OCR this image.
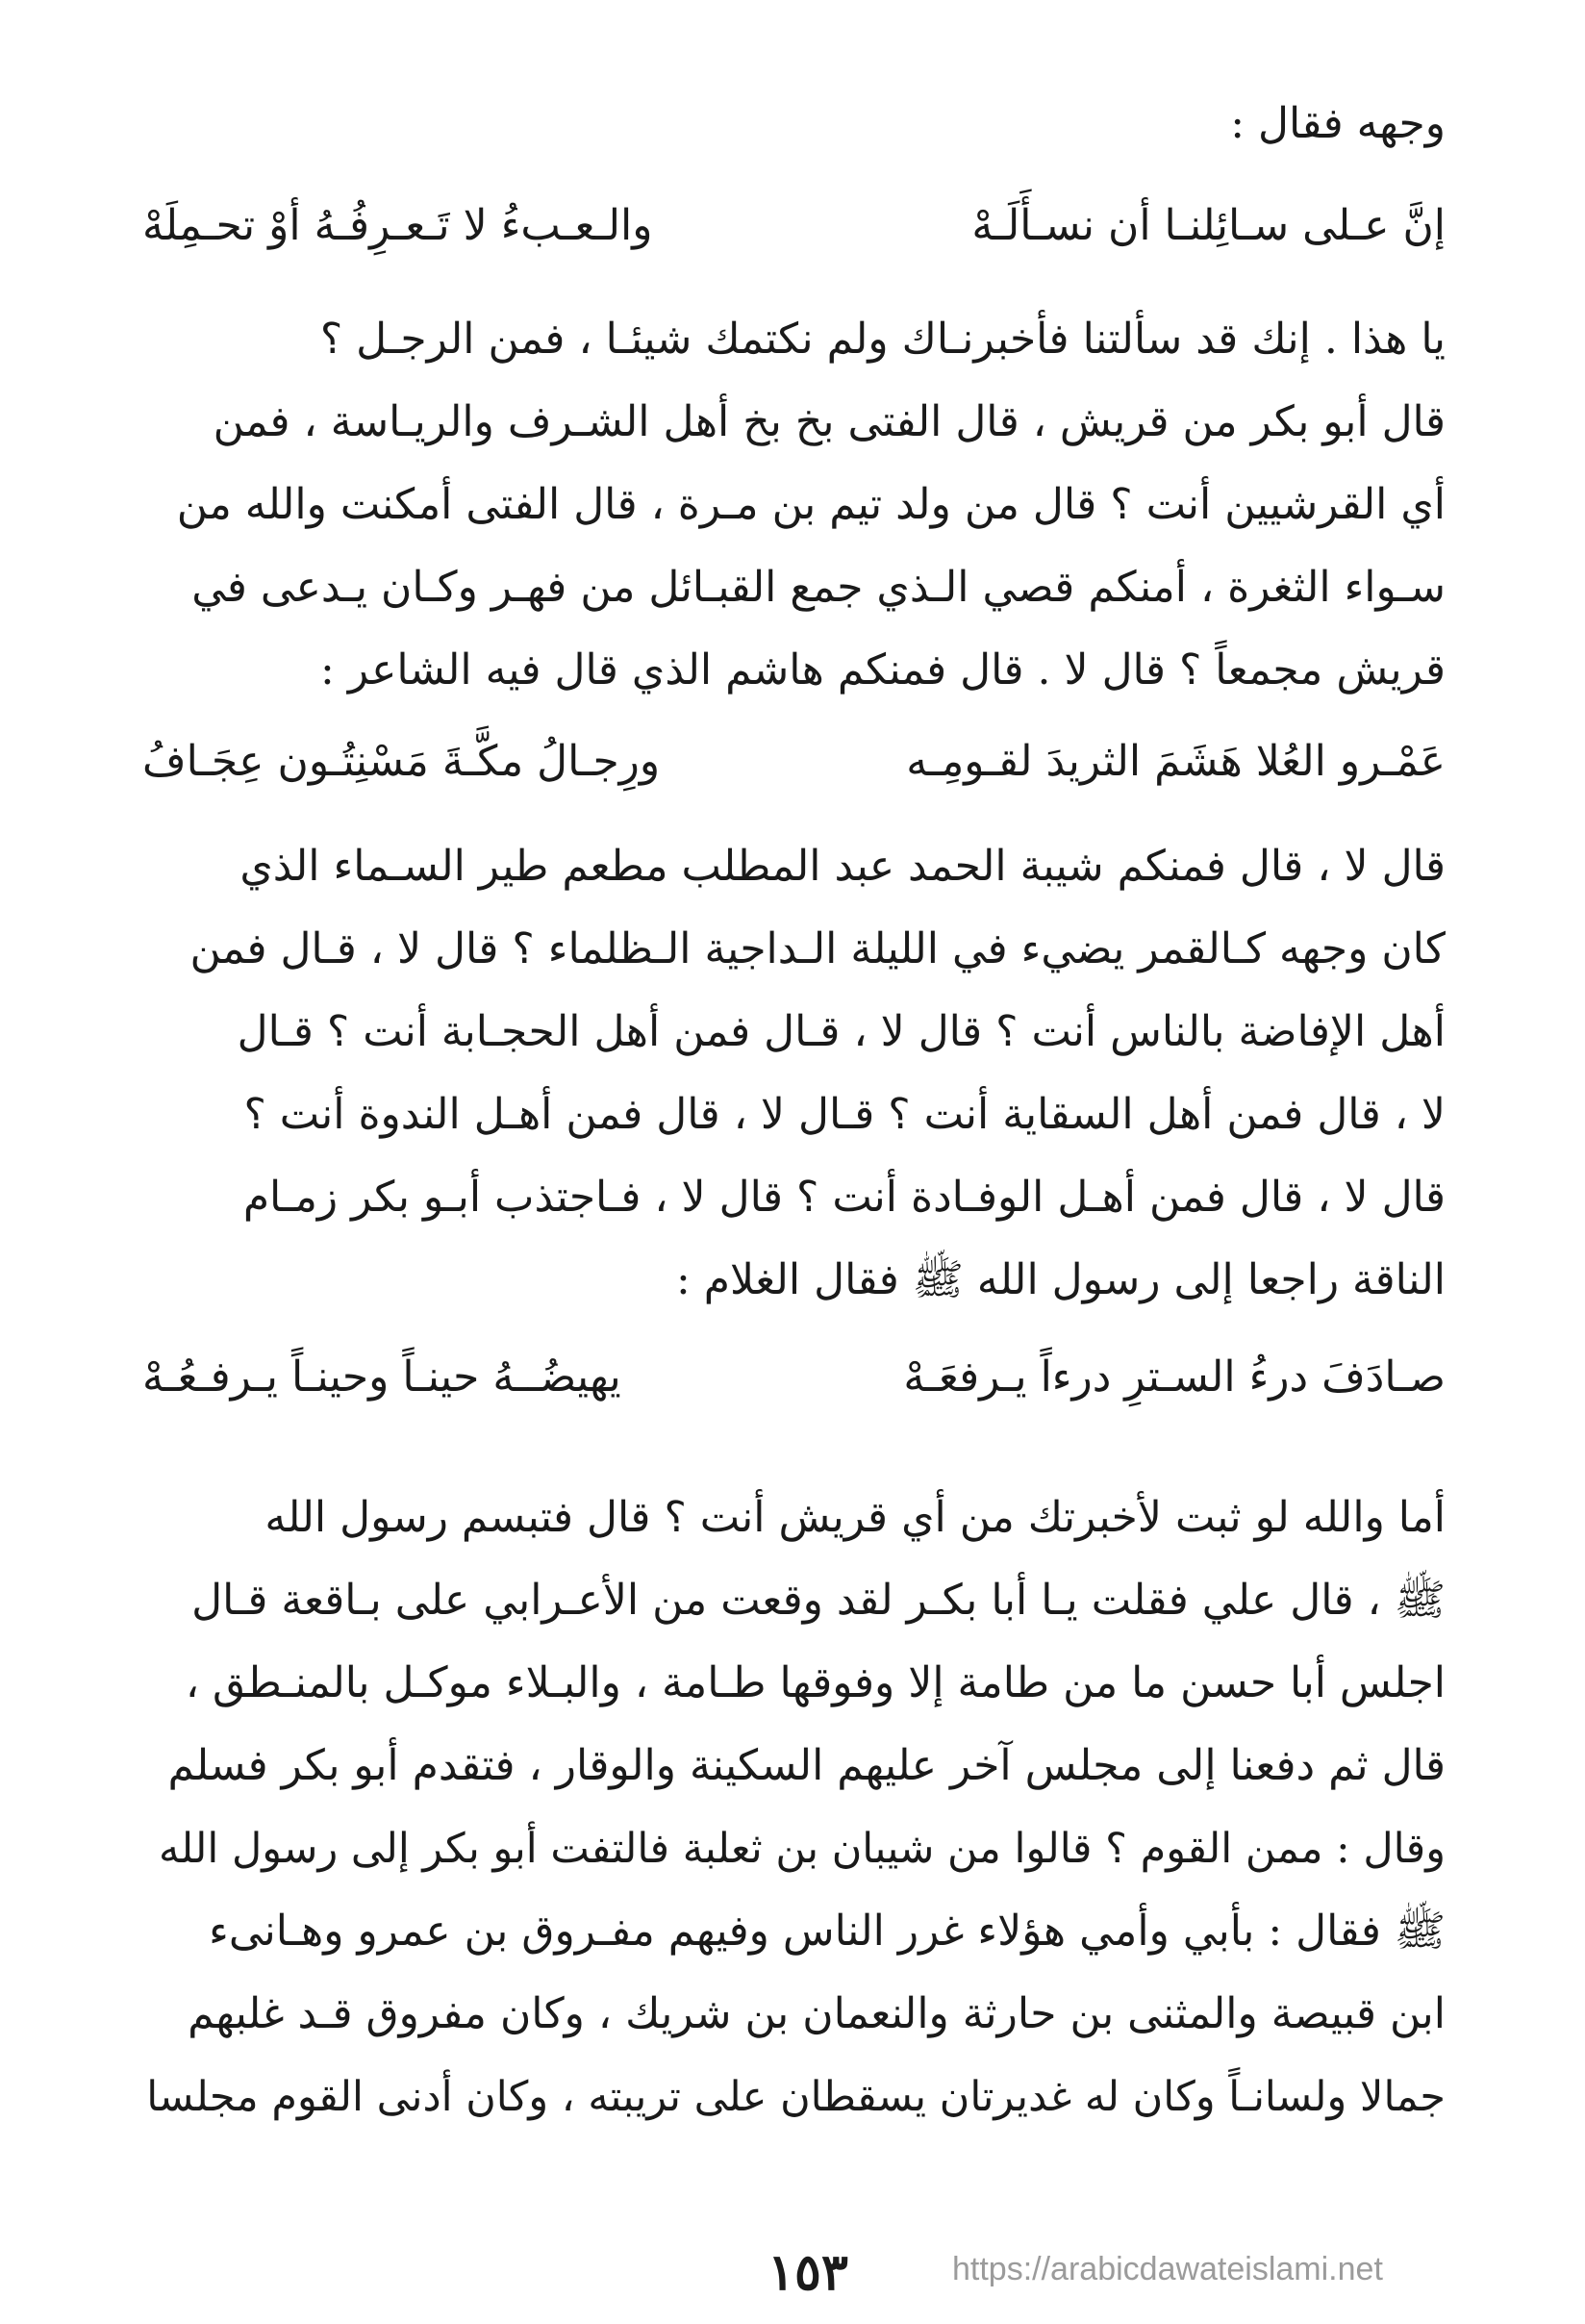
وجهه فقال :
إنَّ عـلى سـائِلنـا أن نسـأَلَـهْ
والـعـبءُ لا تَـعـرِفُـهُ أوْ تحـمِلَهْ
يا هذا . إنك قد سألتنا فأخبرنـاك ولم نكتمك شيئـا ، فمن الرجـل ؟
قال أبو بكر من قريش ، قال الفتى بخ بخ أهل الشـرف والريـاسة ، فمن
أي القرشيين أنت ؟ قال من ولد تيم بن مـرة ، قال الفتى أمكنت والله من
سـواء الثغرة ، أمنكم قصي الـذي جمع القبـائل من فهـر وكـان يـدعى في
قريش مجمعاً ؟ قال لا . قال فمنكم هاشم الذي قال فيه الشاعر :
عَمْـرو العُلا هَشَمَ الثريدَ لقـومِـه
ورِجـالُ مكَّـةَ مَسْنِتُـون عِجَـافُ
قال لا ، قال فمنكم شيبة الحمد عبد المطلب مطعم طير السـماء الذي
كان وجهه كـالقمر يضيء في الليلة الـداجية الـظلماء ؟ قال لا ، قـال فمن
أهل الإفاضة بالناس أنت ؟ قال لا ، قـال فمن أهل الحجـابة أنت ؟ قـال
لا ، قال فمن أهل السقاية أنت ؟ قـال لا ، قال فمن أهـل الندوة أنت ؟
قال لا ، قال فمن أهـل الوفـادة أنت ؟ قال لا ، فـاجتذب أبـو بكر زمـام
الناقة راجعا إلى رسول الله ﷺ فقال الغلام :
صـادَفَ درءُ السـترِ درءاً يـرفعَـهْ
يهيضُــهُ حينـاً وحينـاً يـرفـعُـهْ
أما والله لو ثبت لأخبرتك من أي قريش أنت ؟ قال فتبسم رسول الله
ﷺ ، قال علي فقلت يـا أبا بكـر لقد وقعت من الأعـرابي على بـاقعة قـال
اجلس أبا حسن ما من طامة إلا وفوقها طـامة ، والبـلاء موكـل بالمنـطق ،
قال ثم دفعنا إلى مجلس آخر عليهم السكينة والوقار ، فتقدم أبو بكر فسلم
وقال : ممن القوم ؟ قالوا من شيبان بن ثعلبة فالتفت أبو بكر إلى رسول الله
ﷺ فقال : بأبي وأمي هؤلاء غرر الناس وفيهم مفـروق بن عمرو وهـانىء
ابن قبيصة والمثنى بن حارثة والنعمان بن شريك ، وكان مفروق قـد غلبهم
جمالا ولسانـاً وكان له غديرتان يسقطان على تريبته ، وكان أدنى القوم مجلسا
١٥٣	https://arabicdawateislami.net
